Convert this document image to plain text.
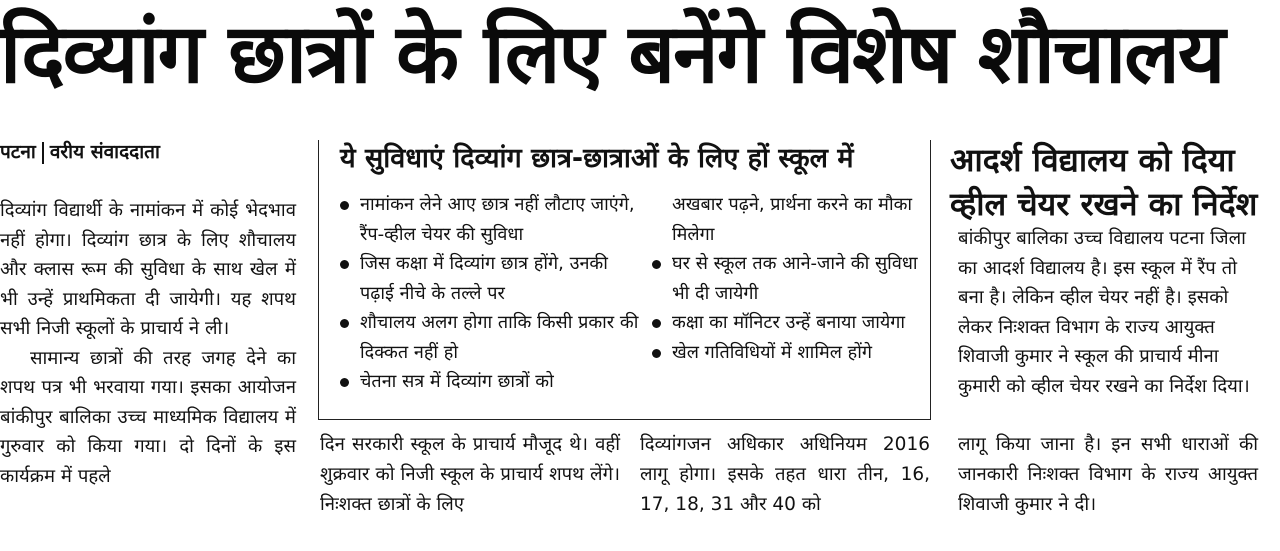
दिव्यांग छात्रों के लिए बनेंगे विशेष शौचालय
पटना वरीय संवाददाता

दिव्यांग विद्यार्थी के नामांकन में कोई भेदभाव नहीं होगा। दिव्यांग छात्र के लिए शौचालय और क्लास रूम की सुविधा के साथ खेल में भी उन्हें प्राथमिकता दी जायेगी। यह शपथ सभी निजी स्कूलों के प्राचार्य ने ली।

सामान्य छात्रों की तरह जगह देने का शपथ पत्र भी भरवाया गया। इसका आयोजन बांकीपुर बालिका उच्च माध्यमिक विद्यालय में गुरुवार को किया गया। दो दिनों के इस कार्यक्रम में पहले

ये सुविधाएं दिव्यांग छात्र-छात्राओं के लिए हों स्कूल में
नामांकन लेने आए छात्र नहीं लौटाए जाएंगे, रैंप-व्हील चेयर की सुविधा
जिस कक्षा में दिव्यांग छात्र होंगे, उनकी पढ़ाई नीचे के तल्ले पर
शौचालय अलग होगा ताकि किसी प्रकार की दिक्कत नहीं हो
चेतना सत्र में दिव्यांग छात्रों को
अखबार पढ़ने, प्रार्थना करने का मौका मिलेगा
घर से स्कूल तक आने-जाने की सुविधा भी दी जायेगी
कक्षा का मॉनिटर उन्हें बनाया जायेगा
खेल गतिविधियों में शामिल होंगे
आदर्श विद्यालय को दिया व्हील चेयर रखने का निर्देश
बांकीपुर बालिका उच्च विद्यालय पटना जिला का आदर्श विद्यालय है। इस स्कूल में रैंप तो बना है। लेकिन व्हील चेयर नहीं है। इसको लेकर निःशक्त विभाग के राज्य आयुक्त शिवाजी कुमार ने स्कूल की प्राचार्य मीना कुमारी को व्हील चेयर रखने का निर्देश दिया।
दिन सरकारी स्कूल के प्राचार्य मौजूद थे। वहीं शुक्रवार को निजी स्कूल के प्राचार्य शपथ लेंगे। निःशक्त छात्रों के लिए
दिव्यांगजन अधिकार अधिनियम 2016 लागू होगा। इसके तहत धारा तीन, 16, 17, 18, 31 और 40 को
लागू किया जाना है। इन सभी धाराओं की जानकारी निःशक्त विभाग के राज्य आयुक्त शिवाजी कुमार ने दी।
